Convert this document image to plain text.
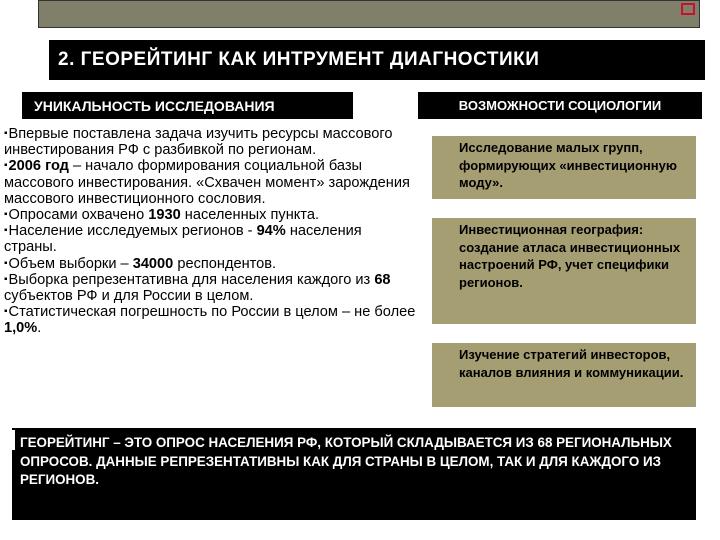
2. ГЕОРЕЙТИНГ КАК ИНТРУМЕНТ ДИАГНОСТИКИ
УНИКАЛЬНОСТЬ ИССЛЕДОВАНИЯ	ВОЗМОЖНОСТИ СОЦИОЛОГИИ

▪Впервые поставлена задача изучить ресурсы массового инвестирования РФ с разбивкой по регионам.

▪2006 год – начало формирования социальной базы массового инвестирования. «Схвачен момент» зарождения массового инвестиционного сословия.

▪Опросами охвачено 1930 населенных пункта.

▪Население исследуемых регионов - 94% населения страны.

▪Объем выборки – 34000 респондентов.

▪Выборка репрезентативна для населения каждого из 68 субъектов РФ и для России в целом.

▪Статистическая погрешность по России в целом – не более 1,0%.

Исследование малых групп, формирующих «инвестиционную моду».
Инвестиционная география: создание атласа инвестиционных настроений РФ, учет специфики регионов.
Изучение стратегий инвесторов, каналов влияния и коммуникации.
ГЕОРЕЙТИНГ – ЭТО ОПРОС НАСЕЛЕНИЯ РФ, КОТОРЫЙ СКЛАДЫВАЕТСЯ ИЗ 68 РЕГИОНАЛЬНЫХ ОПРОСОВ. ДАННЫЕ РЕПРЕЗЕНТАТИВНЫ КАК ДЛЯ СТРАНЫ В ЦЕЛОМ, ТАК И ДЛЯ КАЖДОГО ИЗ РЕГИОНОВ.
